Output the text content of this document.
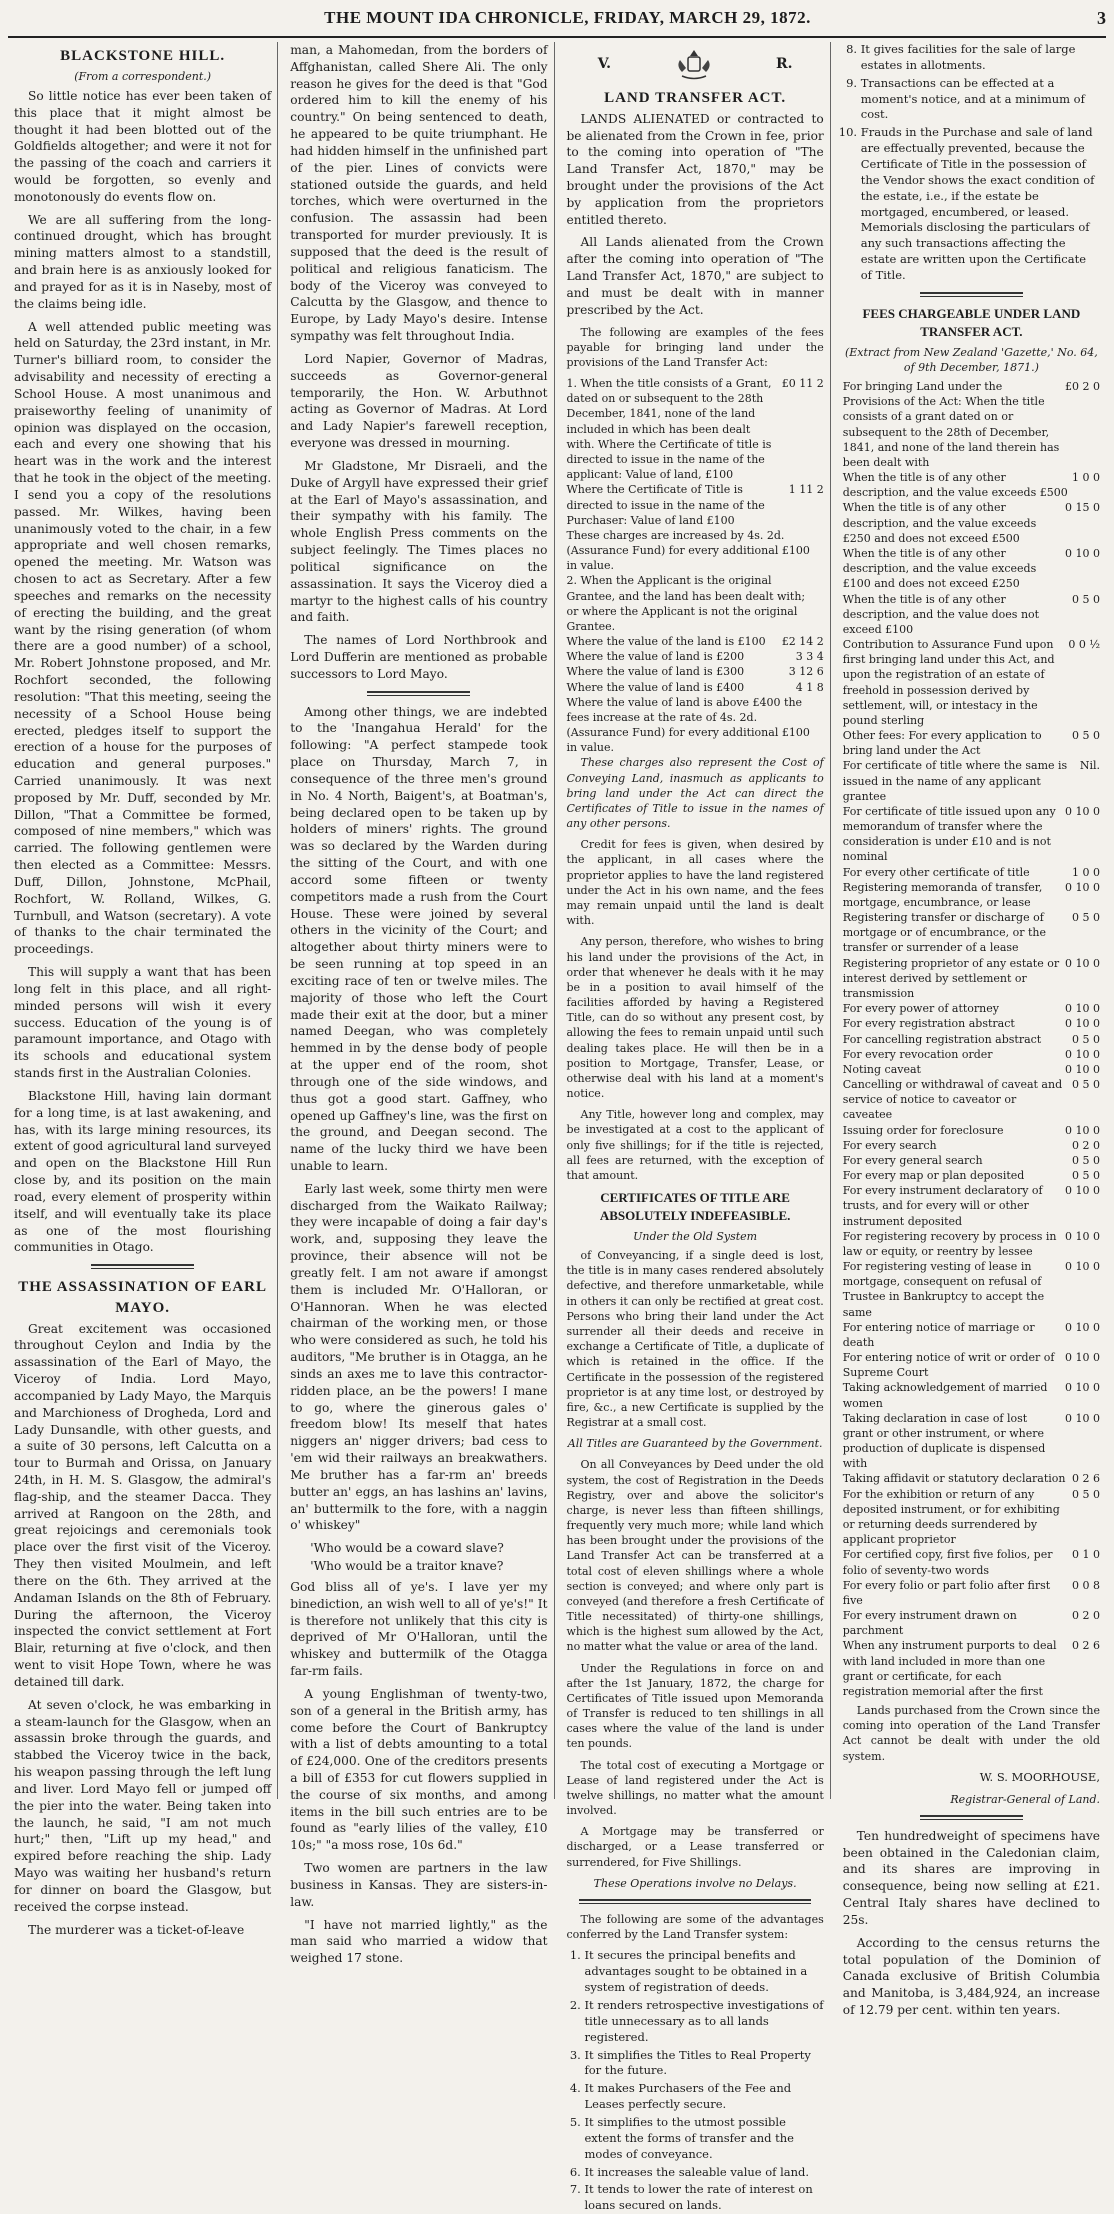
THE MOUNT IDA CHRONICLE, FRIDAY, MARCH 29, 1872.	3
BLACKSTONE HILL.
(From a correspondent.)

So little notice has ever been taken of this place that it might almost be thought it had been blotted out of the Goldfields altogether; and were it not for the passing of the coach and carriers it would be forgotten, so evenly and monotonously do events flow on.

We are all suffering from the long-continued drought, which has brought mining matters almost to a standstill, and brain here is as anxiously looked for and prayed for as it is in Naseby, most of the claims being idle.

A well attended public meeting was held on Saturday, the 23rd instant, in Mr. Turner's billiard room, to consider the advisability and necessity of erecting a School House. A most unanimous and praiseworthy feeling of unanimity of opinion was displayed on the occasion, each and every one showing that his heart was in the work and the interest that he took in the object of the meeting. I send you a copy of the resolutions passed. Mr. Wilkes, having been unanimously voted to the chair, in a few appropriate and well chosen remarks, opened the meeting. Mr. Watson was chosen to act as Secretary. After a few speeches and remarks on the necessity of erecting the building, and the great want by the rising generation (of whom there are a good number) of a school, Mr. Robert Johnstone proposed, and Mr. Rochfort seconded, the following resolution: "That this meeting, seeing the necessity of a School House being erected, pledges itself to support the erection of a house for the purposes of education and general purposes." Carried unanimously. It was next proposed by Mr. Duff, seconded by Mr. Dillon, "That a Committee be formed, composed of nine members," which was carried. The following gentlemen were then elected as a Committee: Messrs. Duff, Dillon, Johnstone, McPhail, Rochfort, W. Rolland, Wilkes, G. Turnbull, and Watson (secretary). A vote of thanks to the chair terminated the proceedings.

This will supply a want that has been long felt in this place, and all right-minded persons will wish it every success. Education of the young is of paramount importance, and Otago with its schools and educational system stands first in the Australian Colonies.

Blackstone Hill, having lain dormant for a long time, is at last awakening, and has, with its large mining resources, its extent of good agricultural land surveyed and open on the Blackstone Hill Run close by, and its position on the main road, every element of prosperity within itself, and will eventually take its place as one of the most flourishing communities in Otago.

THE ASSASSINATION OF EARL MAYO.

Great excitement was occasioned throughout Ceylon and India by the assassination of the Earl of Mayo, the Viceroy of India. Lord Mayo, accompanied by Lady Mayo, the Marquis and Marchioness of Drogheda, Lord and Lady Dunsandle, with other guests, and a suite of 30 persons, left Calcutta on a tour to Burmah and Orissa, on January 24th, in H. M. S. Glasgow, the admiral's flag-ship, and the steamer Dacca. They arrived at Rangoon on the 28th, and great rejoicings and ceremonials took place over the first visit of the Viceroy. They then visited Moulmein, and left there on the 6th. They arrived at the Andaman Islands on the 8th of February. During the afternoon, the Viceroy inspected the convict settlement at Fort Blair, returning at five o'clock, and then went to visit Hope Town, where he was detained till dark.

At seven o'clock, he was embarking in a steam-launch for the Glasgow, when an assassin broke through the guards, and stabbed the Viceroy twice in the back, his weapon passing through the left lung and liver. Lord Mayo fell or jumped off the pier into the water. Being taken into the launch, he said, "I am not much hurt;" then, "Lift up my head," and expired before reaching the ship. Lady Mayo was waiting her husband's return for dinner on board the Glasgow, but received the corpse instead.

The murderer was a ticket-of-leave

man, a Mahomedan, from the borders of Affghanistan, called Shere Ali. The only reason he gives for the deed is that "God ordered him to kill the enemy of his country." On being sentenced to death, he appeared to be quite triumphant. He had hidden himself in the unfinished part of the pier. Lines of convicts were stationed outside the guards, and held torches, which were overturned in the confusion. The assassin had been transported for murder previously. It is supposed that the deed is the result of political and religious fanaticism. The body of the Viceroy was conveyed to Calcutta by the Glasgow, and thence to Europe, by Lady Mayo's desire. Intense sympathy was felt throughout India.

Lord Napier, Governor of Madras, succeeds as Governor-general temporarily, the Hon. W. Arbuthnot acting as Governor of Madras. At Lord and Lady Napier's farewell reception, everyone was dressed in mourning.

Mr Gladstone, Mr Disraeli, and the Duke of Argyll have expressed their grief at the Earl of Mayo's assassination, and their sympathy with his family. The whole English Press comments on the subject feelingly. The Times places no political significance on the assassination. It says the Viceroy died a martyr to the highest calls of his country and faith.

The names of Lord Northbrook and Lord Dufferin are mentioned as probable successors to Lord Mayo.

Among other things, we are indebted to the 'Inangahua Herald' for the following: "A perfect stampede took place on Thursday, March 7, in consequence of the three men's ground in No. 4 North, Baigent's, at Boatman's, being declared open to be taken up by holders of miners' rights. The ground was so declared by the Warden during the sitting of the Court, and with one accord some fifteen or twenty competitors made a rush from the Court House. These were joined by several others in the vicinity of the Court; and altogether about thirty miners were to be seen running at top speed in an exciting race of ten or twelve miles. The majority of those who left the Court made their exit at the door, but a miner named Deegan, who was completely hemmed in by the dense body of people at the upper end of the room, shot through one of the side windows, and thus got a good start. Gaffney, who opened up Gaffney's line, was the first on the ground, and Deegan second. The name of the lucky third we have been unable to learn.

Early last week, some thirty men were discharged from the Waikato Railway; they were incapable of doing a fair day's work, and, supposing they leave the province, their absence will not be greatly felt. I am not aware if amongst them is included Mr. O'Halloran, or O'Hannoran. When he was elected chairman of the working men, or those who were considered as such, he told his auditors, "Me bruther is in Otagga, an he sinds an axes me to lave this contractor-ridden place, an be the powers! I mane to go, where the ginerous gales o' freedom blow! Its meself that hates niggers an' nigger drivers; bad cess to 'em wid their railways an breakwathers. Me bruther has a far-rm an' breeds butter an' eggs, an has lashins an' lavins, an' buttermilk to the fore, with a naggin o' whiskey"

'Who would be a coward slave?

'Who would be a traitor knave?

God bliss all of ye's. I lave yer my binediction, an wish well to all of ye's!" It is therefore not unlikely that this city is deprived of Mr O'Halloran, until the whiskey and buttermilk of the Otagga far-rm fails.

A young Englishman of twenty-two, son of a general in the British army, has come before the Court of Bankruptcy with a list of debts amounting to a total of £24,000. One of the creditors presents a bill of £353 for cut flowers supplied in the course of six months, and among items in the bill such entries are to be found as "early lilies of the valley, £10 10s;" "a moss rose, 10s 6d."

Two women are partners in the law business in Kansas. They are sisters-in-law.

"I have not married lightly," as the man said who married a widow that weighed 17 stone.

V.	R.
LAND TRANSFER ACT.

LANDS ALIENATED or contracted to be alienated from the Crown in fee, prior to the coming into operation of "The Land Transfer Act, 1870," may be brought under the provisions of the Act by application from the proprietors entitled thereto.

All Lands alienated from the Crown after the coming into operation of "The Land Transfer Act, 1870," are subject to and must be dealt with in manner prescribed by the Act.

The following are examples of the fees payable for bringing land under the provisions of the Land Transfer Act:

1. When the title consists of a Grant, dated on or subsequent to the 28th December, 1841, none of the land included in which has been dealt with. Where the Certificate of title is directed to issue in the name of the applicant: Value of land, £100
£0 11 2
Where the Certificate of Title is directed to issue in the name of the Purchaser: Value of land £100
1 11 2
These charges are increased by 4s. 2d. (Assurance Fund) for every additional £100 in value.
2. When the Applicant is the original Grantee, and the land has been dealt with; or where the Applicant is not the original Grantee.
Where the value of the land is £100 £2 14 2
Where the value of land is £200	3 3 4
Where the value of land is £300	3 12 6
Where the value of land is £400	4 1 8
Where the value of land is above £400 the fees increase at the rate of 4s. 2d. (Assurance Fund) for every additional £100 in value.

These charges also represent the Cost of Conveying Land, inasmuch as applicants to bring land under the Act can direct the Certificates of Title to issue in the names of any other persons.

Credit for fees is given, when desired by the applicant, in all cases where the proprietor applies to have the land registered under the Act in his own name, and the fees may remain unpaid until the land is dealt with.

Any person, therefore, who wishes to bring his land under the provisions of the Act, in order that whenever he deals with it he may be in a position to avail himself of the facilities afforded by having a Registered Title, can do so without any present cost, by allowing the fees to remain unpaid until such dealing takes place. He will then be in a position to Mortgage, Transfer, Lease, or otherwise deal with his land at a moment's notice.

Any Title, however long and complex, may be investigated at a cost to the applicant of only five shillings; for if the title is rejected, all fees are returned, with the exception of that amount.

CERTIFICATES OF TITLE ARE ABSOLUTELY INDEFEASIBLE.
Under the Old System

of Conveyancing, if a single deed is lost, the title is in many cases rendered absolutely defective, and therefore unmarketable, while in others it can only be rectified at great cost. Persons who bring their land under the Act surrender all their deeds and receive in exchange a Certificate of Title, a duplicate of which is retained in the office. If the Certificate in the possession of the registered proprietor is at any time lost, or destroyed by fire, &c., a new Certificate is supplied by the Registrar at a small cost.

All Titles are Guaranteed by the Government.

On all Conveyances by Deed under the old system, the cost of Registration in the Deeds Registry, over and above the solicitor's charge, is never less than fifteen shillings, frequently very much more; while land which has been brought under the provisions of the Land Transfer Act can be transferred at a total cost of eleven shillings where a whole section is conveyed; and where only part is conveyed (and therefore a fresh Certificate of Title necessitated) of thirty-one shillings, which is the highest sum allowed by the Act, no matter what the value or area of the land.

Under the Regulations in force on and after the 1st January, 1872, the charge for Certificates of Title issued upon Memoranda of Transfer is reduced to ten shillings in all cases where the value of the land is under ten pounds.

The total cost of executing a Mortgage or Lease of land registered under the Act is twelve shillings, no matter what the amount involved.

A Mortgage may be transferred or discharged, or a Lease transferred or surrendered, for Five Shillings.

These Operations involve no Delays.

The following are some of the advantages conferred by the Land Transfer system:

1. It secures the principal benefits and advantages sought to be obtained in a system of registration of deeds.
2. It renders retrospective investigations of title unnecessary as to all lands registered.
3. It simplifies the Titles to Real Property for the future.
4. It makes Purchasers of the Fee and Leases perfectly secure.
5. It simplifies to the utmost possible extent the forms of transfer and the modes of conveyance.
6. It increases the saleable value of land.
7. It tends to lower the rate of interest on loans secured on lands.
8. It gives facilities for the sale of large estates in allotments.
9. Transactions can be effected at a moment's notice, and at a minimum of cost.
10. Frauds in the Purchase and sale of land are effectually prevented, because the Certificate of Title in the possession of the Vendor shows the exact condition of the estate, i.e., if the estate be mortgaged, encumbered, or leased. Memorials disclosing the particulars of any such transactions affecting the estate are written upon the Certificate of Title.
FEES CHARGEABLE UNDER LAND TRANSFER ACT.
(Extract from New Zealand 'Gazette,' No. 64, of 9th December, 1871.)
For bringing Land under the Provisions of the Act: When the title consists of a grant dated on or subsequent to the 28th of December, 1841, and none of the land therein has been dealt with
£0 2 0
When the title is of any other description, and the value exceeds £500
1 0 0
When the title is of any other description, and the value exceeds £250 and does not exceed £500
0 15 0
When the title is of any other description, and the value exceeds £100 and does not exceed £250
0 10 0
When the title is of any other description, and the value does not exceed £100
0 5 0
Contribution to Assurance Fund upon first bringing land under this Act, and upon the registration of an estate of freehold in possession derived by settlement, will, or intestacy in the pound sterling
0 0 ½
Other fees: For every application to bring land under the Act
0 5 0
For certificate of title where the same is issued in the name of any applicant grantee
Nil.
For certificate of title issued upon any memorandum of transfer where the consideration is under £10 and is not nominal
0 10 0
For every other certificate of title	1 0 0
Registering memoranda of transfer, mortgage, encumbrance, or lease
0 10 0
Registering transfer or discharge of mortgage or of encumbrance, or the transfer or surrender of a lease
0 5 0
Registering proprietor of any estate or interest derived by settlement or transmission
0 10 0
For every power of attorney	0 10 0
For every registration abstract	0 10 0
For cancelling registration abstract	0 5 0
For every revocation order	0 10 0
Noting caveat	0 10 0
Cancelling or withdrawal of caveat and service of notice to caveator or caveatee
0 5 0
Issuing order for foreclosure	0 10 0
For every search	0 2 0
For every general search	0 5 0
For every map or plan deposited	0 5 0
For every instrument declaratory of trusts, and for every will or other instrument deposited
0 10 0
For registering recovery by process in law or equity, or reentry by lessee
0 10 0
For registering vesting of lease in mortgage, consequent on refusal of Trustee in Bankruptcy to accept the same
0 10 0
For entering notice of marriage or death
0 10 0
For entering notice of writ or order of Supreme Court
0 10 0
Taking acknowledgement of married women
0 10 0
Taking declaration in case of lost grant or other instrument, or where production of duplicate is dispensed with
0 10 0
Taking affidavit or statutory declaration 0 2 6
For the exhibition or return of any deposited instrument, or for exhibiting or returning deeds surrendered by applicant proprietor
0 5 0
For certified copy, first five folios, per folio of seventy-two words
0 1 0
For every folio or part folio after first five
0 0 8
For every instrument drawn on parchment
0 2 0
When any instrument purports to deal with land included in more than one grant or certificate, for each registration memorial after the first
0 2 6

Lands purchased from the Crown since the coming into operation of the Land Transfer Act cannot be dealt with under the old system.

W. S. MOORHOUSE,
Registrar-General of Land.

Ten hundredweight of specimens have been obtained in the Caledonian claim, and its shares are improving in consequence, being now selling at £21. Central Italy shares have declined to 25s.

According to the census returns the total population of the Dominion of Canada exclusive of British Columbia and Manitoba, is 3,484,924, an increase of 12.79 per cent. within ten years.
